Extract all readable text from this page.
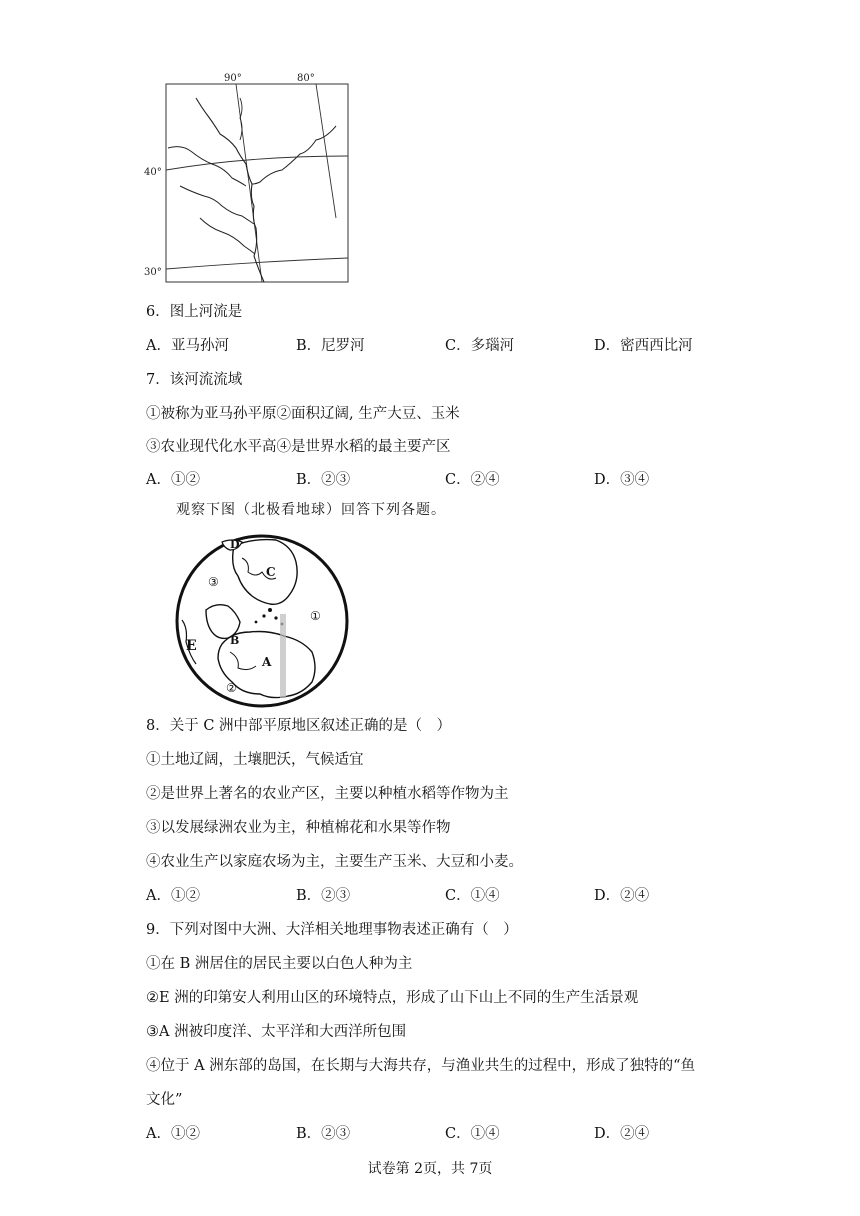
90°	80°
40°
30°
6．图上河流是
A．亚马孙河	B．尼罗河	C．多瑙河	D．密西西比河
7．该河流流域
①被称为亚马孙平原②面积辽阔, 生产大豆、玉米
③农业现代化水平高④是世界水稻的最主要产区
A．①②	B．②③	C．②④	D．③④
观察下图（北极看地球）回答下列各题。
D
C
③
①
E	B
A
②
8．关于 C 洲中部平原地区叙述正确的是（　）
①土地辽阔，土壤肥沃，气候适宜
②是世界上著名的农业产区，主要以种植水稻等作物为主
③以发展绿洲农业为主，种植棉花和水果等作物
④农业生产以家庭农场为主，主要生产玉米、大豆和小麦。
A．①②	B．②③	C．①④	D．②④
9．下列对图中大洲、大洋相关地理事物表述正确有（　）
①在 B 洲居住的居民主要以白色人种为主
②E 洲的印第安人利用山区的环境特点，形成了山下山上不同的生产生活景观
③A 洲被印度洋、太平洋和大西洋所包围
④位于 A 洲东部的岛国，在长期与大海共存，与渔业共生的过程中，形成了独特的“鱼
文化”
A．①②	B．②③	C．①④	D．②④
试卷第 2页，共 7页
